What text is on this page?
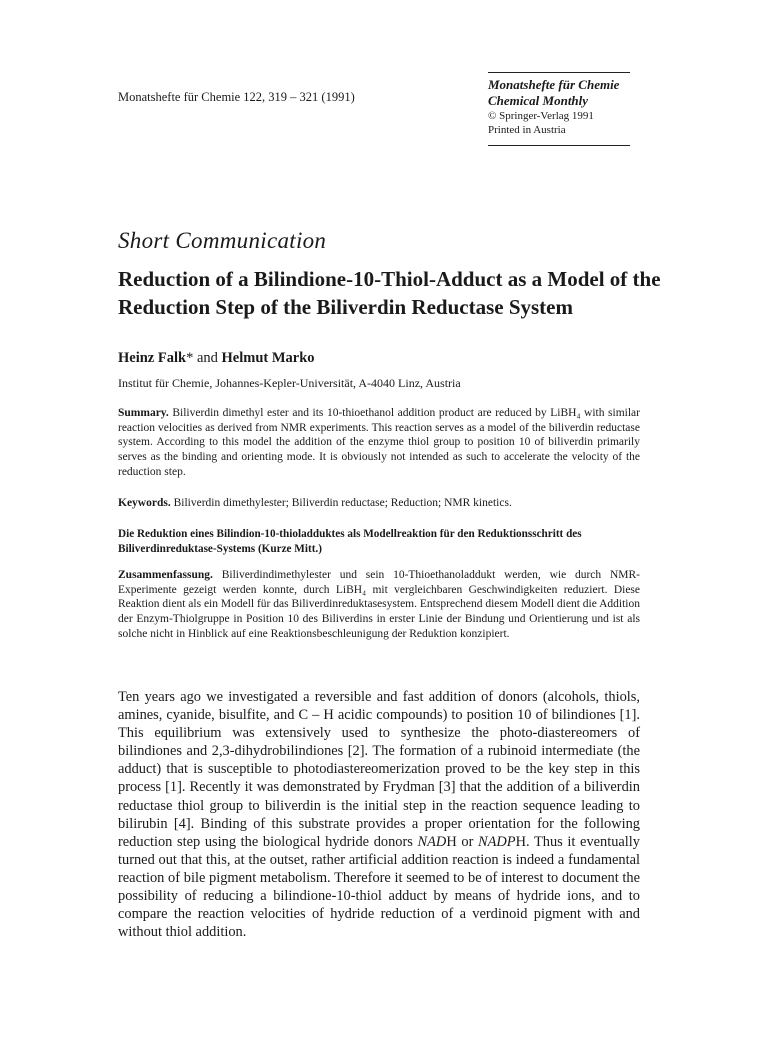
Monatshefte für Chemie 122, 319 – 321 (1991)
Monatshefte für Chemie
Chemical Monthly
© Springer-Verlag 1991
Printed in Austria
Short Communication
Reduction of a Bilindione-10-Thiol-Adduct as a Model of the Reduction Step of the Biliverdin Reductase System
Heinz Falk* and Helmut Marko
Institut für Chemie, Johannes-Kepler-Universität, A-4040 Linz, Austria
Summary. Biliverdin dimethyl ester and its 10-thioethanol addition product are reduced by LiBH₄ with similar reaction velocities as derived from NMR experiments. This reaction serves as a model of the biliverdin reductase system. According to this model the addition of the enzyme thiol group to position 10 of biliverdin primarily serves as the binding and orienting mode. It is obviously not intended as such to accelerate the velocity of the reduction step.
Keywords. Biliverdin dimethylester; Biliverdin reductase; Reduction; NMR kinetics.
Die Reduktion eines Bilindion-10-thioladduktes als Modellreaktion für den Reduktionsschritt des Biliverdinreduktase-Systems (Kurze Mitt.)
Zusammenfassung. Biliverdindimethylester und sein 10-Thioethanoladdukt werden, wie durch NMR-Experimente gezeigt werden konnte, durch LiBH₄ mit vergleichbaren Geschwindigkeiten reduziert. Diese Reaktion dient als ein Modell für das Biliverdinreduktasesystem. Entsprechend diesem Modell dient die Addition der Enzym-Thiolgruppe in Position 10 des Biliverdins in erster Linie der Bindung und Orientierung und ist als solche nicht in Hinblick auf eine Reaktionsbeschleunigung der Reduktion konzipiert.
Ten years ago we investigated a reversible and fast addition of donors (alcohols, thiols, amines, cyanide, bisulfite, and C – H acidic compounds) to position 10 of bilindiones [1]. This equilibrium was extensively used to synthesize the photo-diastereomers of bilindiones and 2,3-dihydrobilindiones [2]. The formation of a rubinoid intermediate (the adduct) that is susceptible to photodiastereomerization proved to be the key step in this process [1]. Recently it was demonstrated by Frydman [3] that the addition of a biliverdin reductase thiol group to biliverdin is the initial step in the reaction sequence leading to bilirubin [4]. Binding of this substrate provides a proper orientation for the following reduction step using the biological hydride donors NADH or NADPH. Thus it eventually turned out that this, at the outset, rather artificial addition reaction is indeed a fundamental reaction of bile pigment metabolism. Therefore it seemed to be of interest to document the possibility of reducing a bilindione-10-thiol adduct by means of hydride ions, and to compare the reaction velocities of hydride reduction of a verdinoid pigment with and without thiol addition.
